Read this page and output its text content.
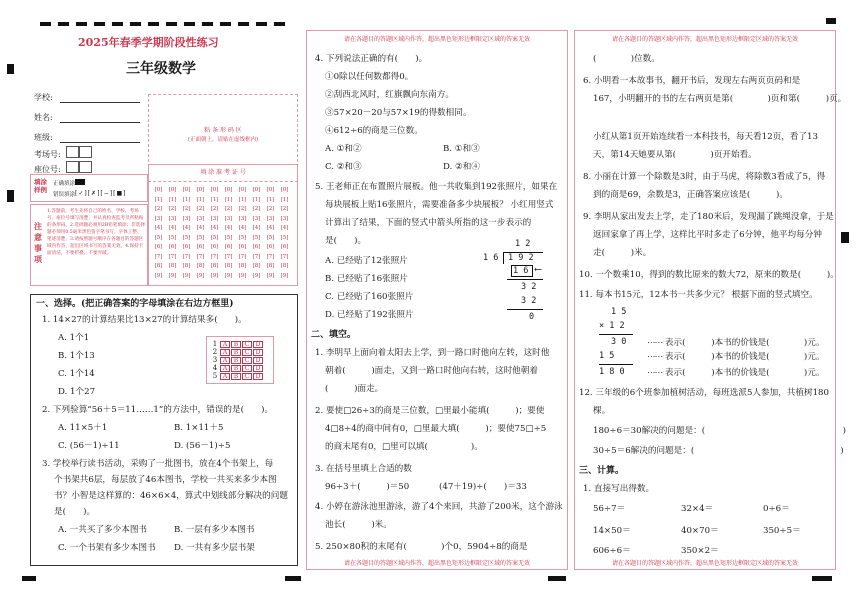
2025年春季学期阶段性练习
三年级数学
学校:
姓名:
班级:
考场号:
座位号:
粘 条 形 码 区
(正面朝上，请贴在虚线框内)
填涂样例
正确填涂
错误填涂 [✓][✗][−][■]
注意事项
1.答题前，考生先将自己的姓名、学校、考场号、座位号填写清楚，并认真检查监考员所粘贴的条形码。2.选择题必须用2B铅笔填涂；非选择题必须用0.5毫米黑色签字笔书写，字体工整、笔迹清楚。3.请按照题号顺序在各题目的答题区域内作答，超出区域书写的答案无效。4.保持卡面清洁，不要折叠、不要弄破。
填 涂 准 考 证 号
[0] [0] [0] [0] [0] [0] [0] [0] [0] [0]
[1] [1] [1] [1] [1] [1] [1] [1] [1] [1]
[2] [2] [2] [2] [2] [2] [2] [2] [2] [2]
[3] [3] [3] [3] [3] [3] [3] [3] [3] [3]
[4] [4] [4] [4] [4] [4] [4] [4] [4] [4]
[5] [5] [5] [5] [5] [5] [5] [5] [5] [5]
[6] [6] [6] [6] [6] [6] [6] [6] [6] [6]
[7] [7] [7] [7] [7] [7] [7] [7] [7] [7]
[8] [8] [8] [8] [8] [8] [8] [8] [8] [8]
[9] [9] [9] [9] [9] [9] [9] [9] [9] [9]
一、选择。(把正确答案的字母填涂在右边方框里)
1. 14×27的计算结果比13×27的计算结果多(　　)。
A. 1个1
B. 1个13
C. 1个14
D. 1个27
1 A	B	C	D
2 A	B	C	D
3 A	B	C	D
4 A	B	C	D
5 A	B	C	D
2. 下列验算“56＋5＝11……1”的方法中，错误的是(　　)。
A. 11×5＋1	B. 1×11＋5
C. (56－1)÷11	D. (56－1)÷5
3. 学校举行读书活动，采购了一批图书，放在4个书架上，每
个书架共6层，每层放了46本图书，学校一共买来多少本图
书？小智是这样算的：46×6×4，算式中划线部分解决的问题
是(　　)。
A. 一共买了多少本图书	B. 一层有多少本图书
C. 一个书架有多少本图书 D. 一共有多少层书架
请在各题目的答题区域内作答，超出黑色矩形边框限定区域的答案无效
请在各题目的答题区域内作答，超出黑色矩形边框限定区域的答案无效
4. 下列说法正确的有(　　)。
①0除以任何数都得0。
②刮西北风时，红旗飘向东南方。
③57×20－20与57×19的得数相同。
④612÷6的商是三位数。
A. ①和②	B. ①和③
C. ②和③	D. ②和④
5. 王老师正在布置照片展板。他一共收集到192张照片，如果在
每块展板上贴16张照片，需要准备多少块展板？ 小红用竖式
计算出了结果，下面的竖式中箭头所指的这一步表示的
是(　　)。
A. 已经贴了12张照片
B. 已经贴了16张照片
C. 已经贴了160张照片
D. 已经贴了192张照片
1 2
1 6 1 9 2
1 6 ⟵
3 2
3 2
0
二、填空。
1. 李明早上面向着太阳去上学，到一路口时他向左转，这时他
朝着(　　　)面走，又到一路口时他向右转，这时他朝着
(　　　)面走。
2. 要使□26÷3的商是三位数，□里最小能填(　　　)；要使
4□8÷4的商中间有0，□里最大填(　　　)；要使75□÷5
的商末尾有0，□里可以填(　　　　　)。
3. 在括号里填上合适的数
96÷3＋(　　　)＝50	(47＋19)÷(　　)＝33
4. 小婷在游泳池里游泳，游了4个来回，共游了200米，这个游泳
池长(　　　)米。
5. 250×80积的末尾有(　　　　)个0，5904÷8的商是
请在各题目的答题区域内作答，超出黑色矩形边框限定区域的答案无效
请在各题目的答题区域内作答，超出黑色矩形边框限定区域的答案无效
(　　　　)位数。
6. 小明看一本故事书，翻开书后，发现左右两页页码和是
167，小明翻开的书的左右两页是第(　　　　)页和第(　　　)页。
小红从第1页开始连续看一本科技书，每天看12页，看了13
天，第14天她要从第(　　　　)页开始看。
8. 小丽在计算一个除数是3时，由于马虎，将除数3看成了5，得
到的商是69，余数是3，正确答案应该是(　　　)。
9. 李明从家出发去上学，走了180米后，发现漏了跳绳没拿，于是
返回家拿了再上学，这样比平时多走了6分钟，他平均每分钟
走(　　　)米。
10. 一个数乘10，得到的数比原来的数大72，原来的数是(　　　)。
11. 每本书15元，12本书一共多少元？ 根据下面的竖式填空。
1 5
× 1 2
3 0
1 5
1 8 0
⋯⋯ 表示(　　　)本书的价钱是(　　　　)元。
⋯⋯ 表示(　　　)本书的价钱是(　　　　)元。
⋯⋯ 表示(　　　)本书的价钱是(　　　　)元。
12. 三年级的6个班参加植树活动，每班选派5人参加，共植树180
棵。
180÷6＝30解决的问题是：(　　　　　　　　　　　　　　　　)
30÷5＝6解决的问题是：(　　　　　　　　　　　　　　　　　)
三、计算。
1. 直接写出得数。
56÷7＝	32×4＝	0÷6＝
14×50＝	40×70＝	350÷5＝
606÷6＝	350×2＝
